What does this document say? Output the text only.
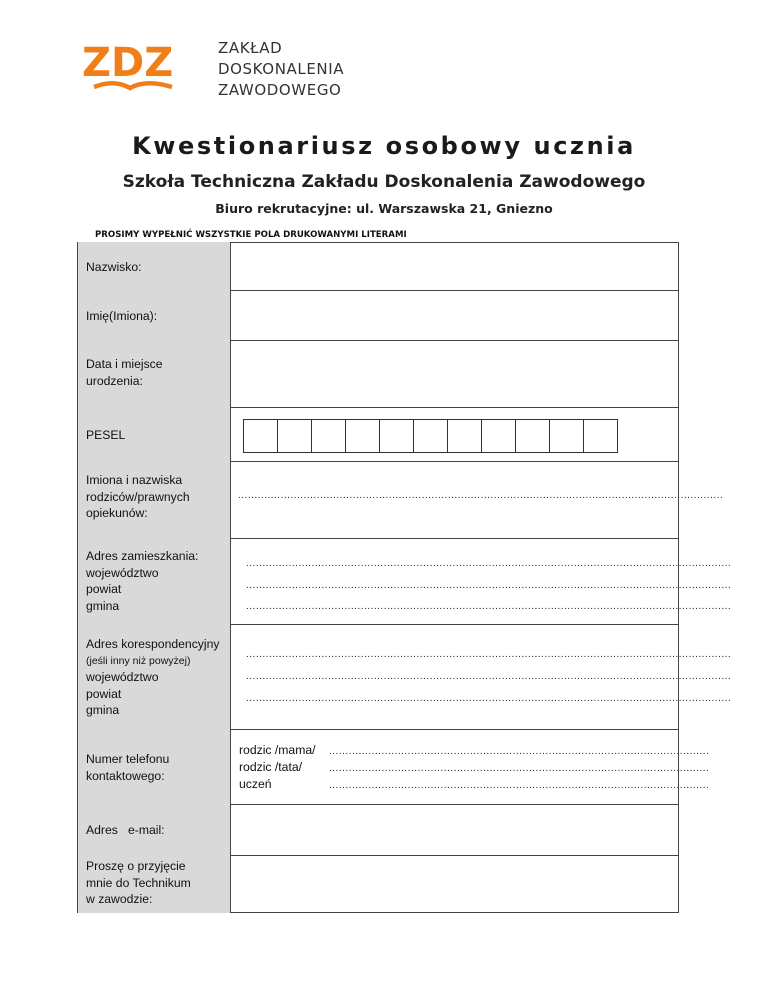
ZDZ	ZAKŁAD
DOSKONALENIA
ZAWODOWEGO
Kwestionariusz osobowy ucznia
Szkoła Techniczna Zakładu Doskonalenia Zawodowego
Biuro rekrutacyjne: ul. Warszawska 21, Gniezno
PROSIMY WYPEŁNIĆ WSZYSTKIE POLA DRUKOWANYMI LITERAMI
Nazwisko:
Imię(Imiona):
Data i miejsce
urodzenia:
PESEL
Imiona i nazwiska
rodziców/prawnych
opiekunów:
....................................................................................................................................................
Adres zamieszkania:
województwo
powiat
gmina
....................................................................................................................................................
....................................................................................................................................................
....................................................................................................................................................
Adres korespondencyjny
(jeśli inny niż powyżej)
województwo
powiat
gmina
....................................................................................................................................................
....................................................................................................................................................
....................................................................................................................................................
Numer telefonu
kontaktowego:
rodzic /mama/
rodzic /tata/
uczeń
....................................................................................................................
....................................................................................................................
....................................................................................................................
Adres   e-mail:
Proszę o przyjęcie
mnie do Technikum
w zawodzie:
